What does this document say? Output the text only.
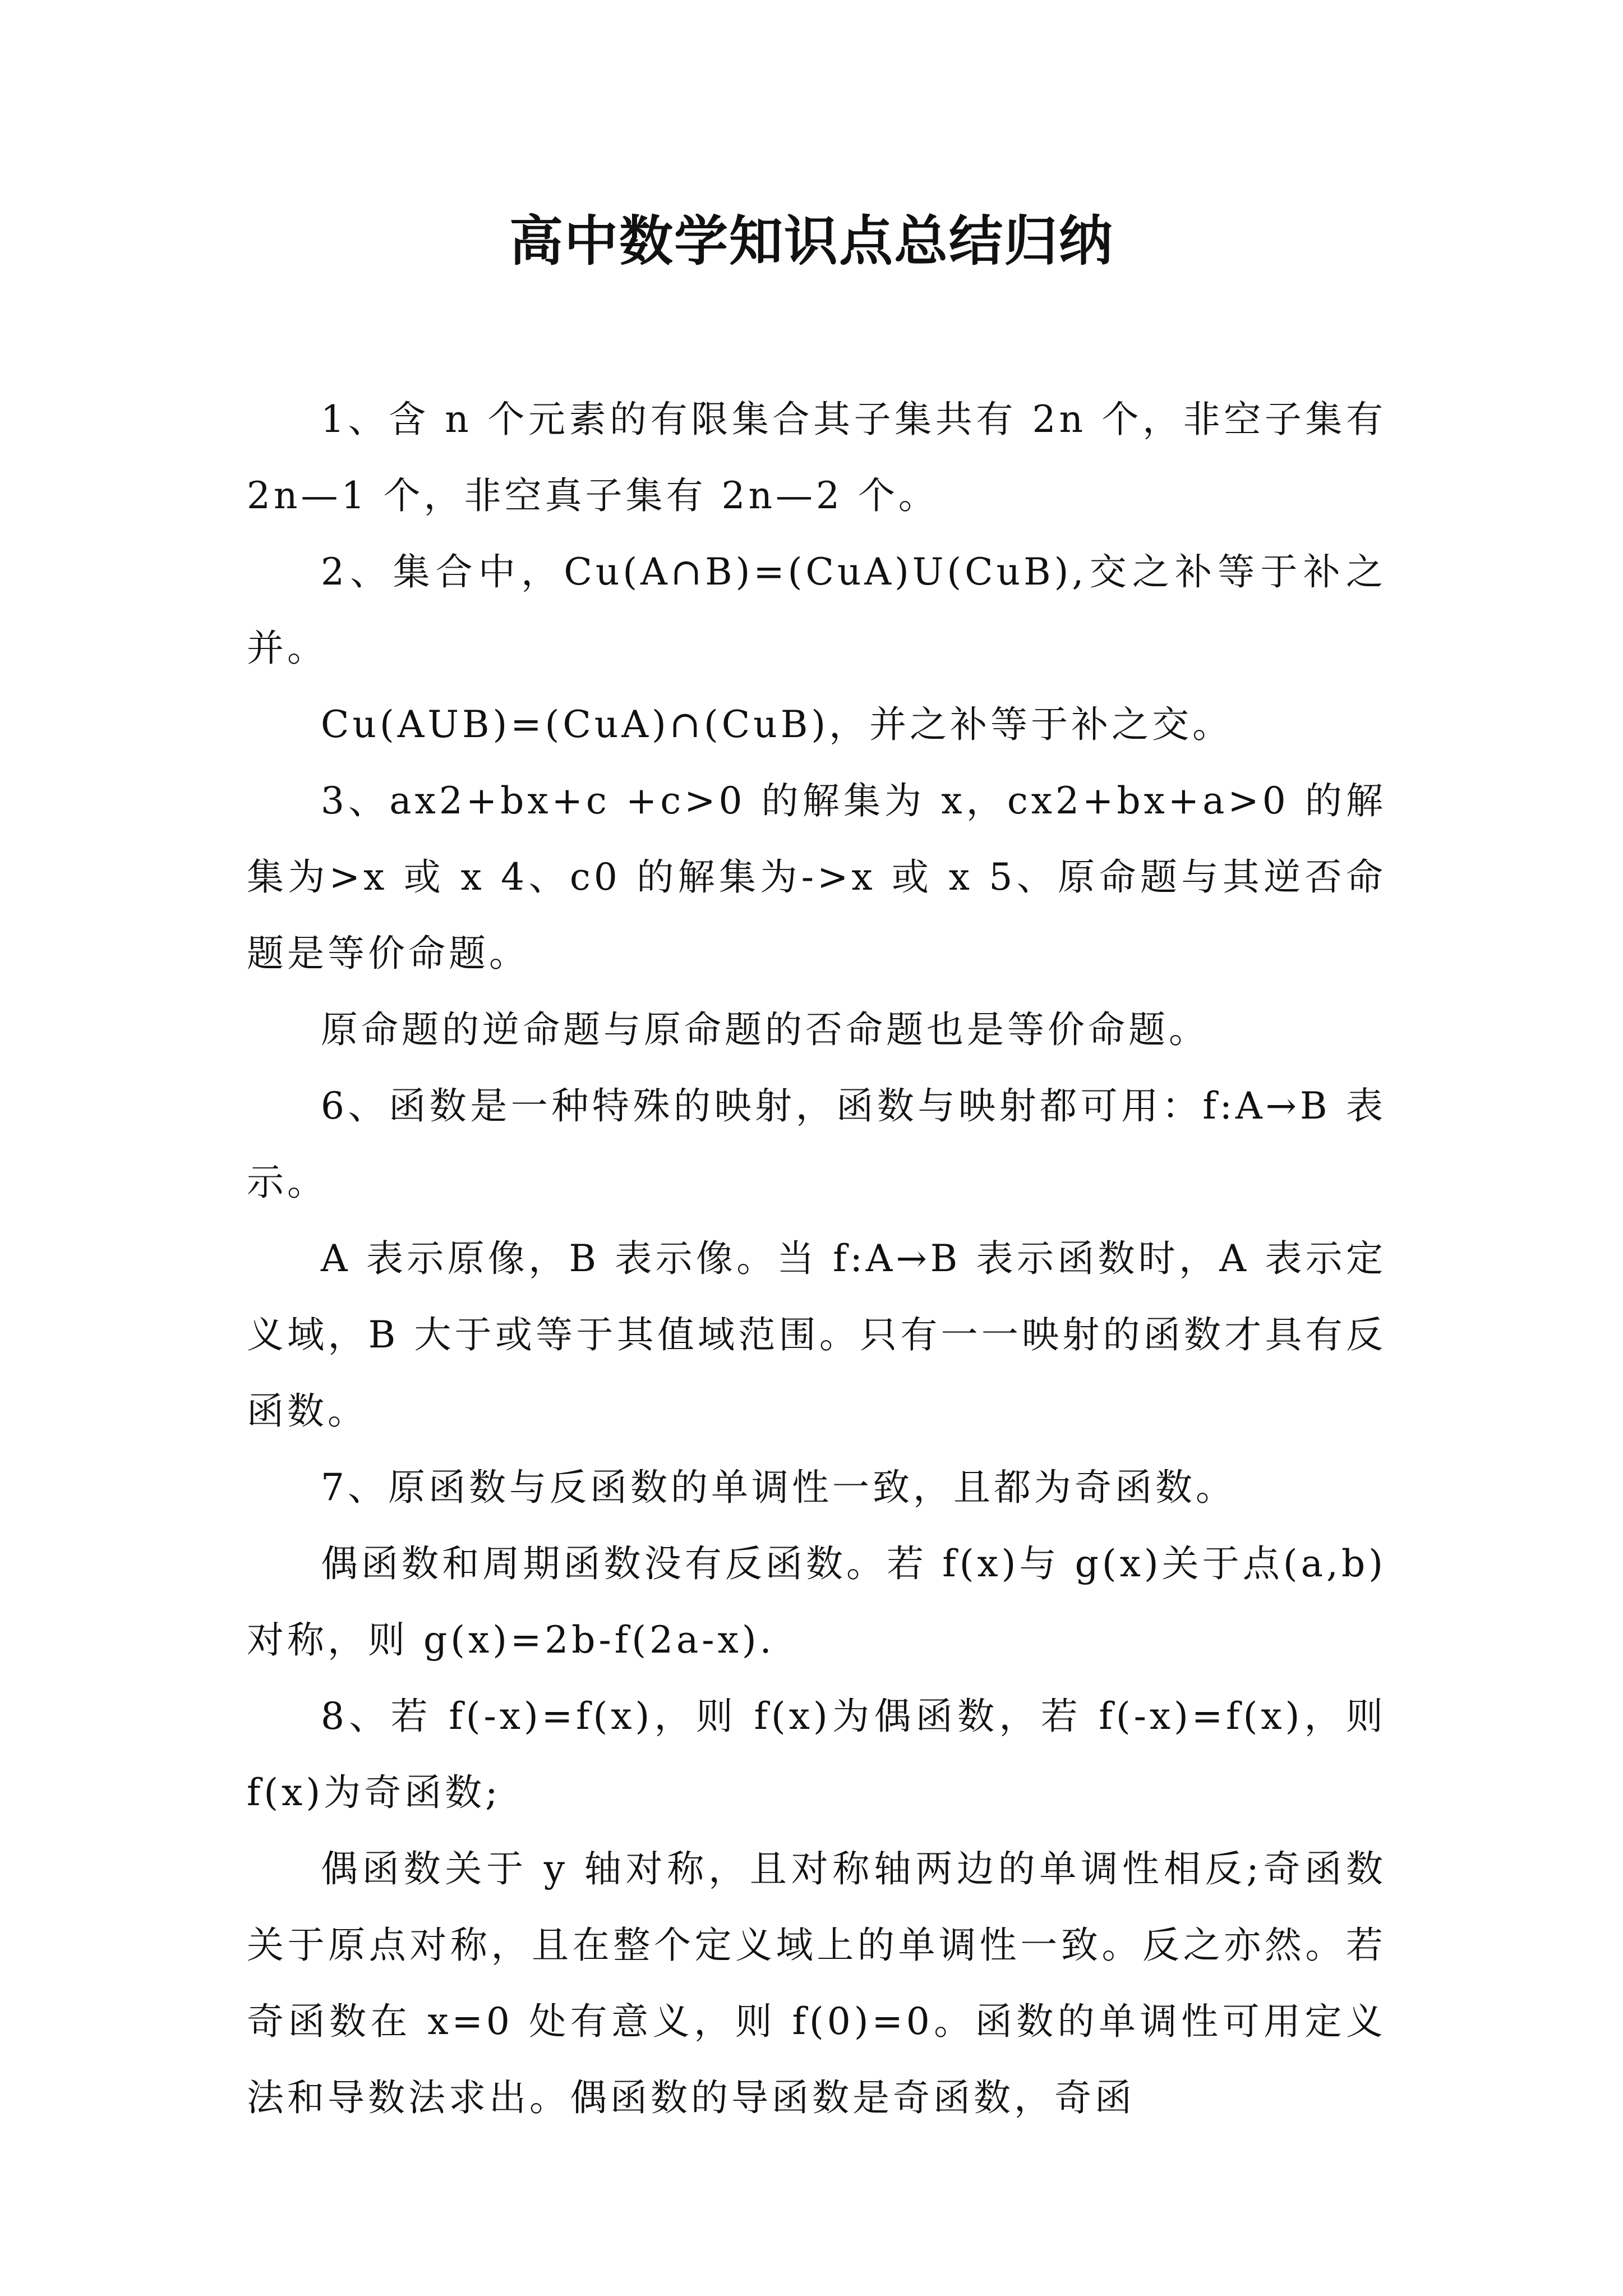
高中数学知识点总结归纳

1、含 n 个元素的有限集合其子集共有 2n 个，非空子集有 2n—1 个，非空真子集有 2n—2 个。

2、集合中，Cu(A∩B)=(CuA)U(CuB),交之补等于补之并。

Cu(AUB)=(CuA)∩(CuB)，并之补等于补之交。

3、ax2+bx+c +c>0 的解集为 x，cx2+bx+a>0 的解集为>x 或 x 4、c0 的解集为->x 或 x 5、原命题与其逆否命题是等价命题。

原命题的逆命题与原命题的否命题也是等价命题。

6、函数是一种特殊的映射，函数与映射都可用：f:A→B 表示。

A 表示原像，B 表示像。当 f:A→B 表示函数时，A 表示定义域，B 大于或等于其值域范围。只有一一映射的函数才具有反函数。

7、原函数与反函数的单调性一致，且都为奇函数。

偶函数和周期函数没有反函数。若 f(x)与 g(x)关于点(a,b)对称，则 g(x)=2b-f(2a-x).

8、若 f(-x)=f(x)，则 f(x)为偶函数，若 f(-x)=f(x)，则 f(x)为奇函数;

偶函数关于 y 轴对称，且对称轴两边的单调性相反;奇函数关于原点对称，且在整个定义域上的单调性一致。反之亦然。若奇函数在 x=0 处有意义，则 f(0)=0。函数的单调性可用定义法和导数法求出。偶函数的导函数是奇函数，奇函
